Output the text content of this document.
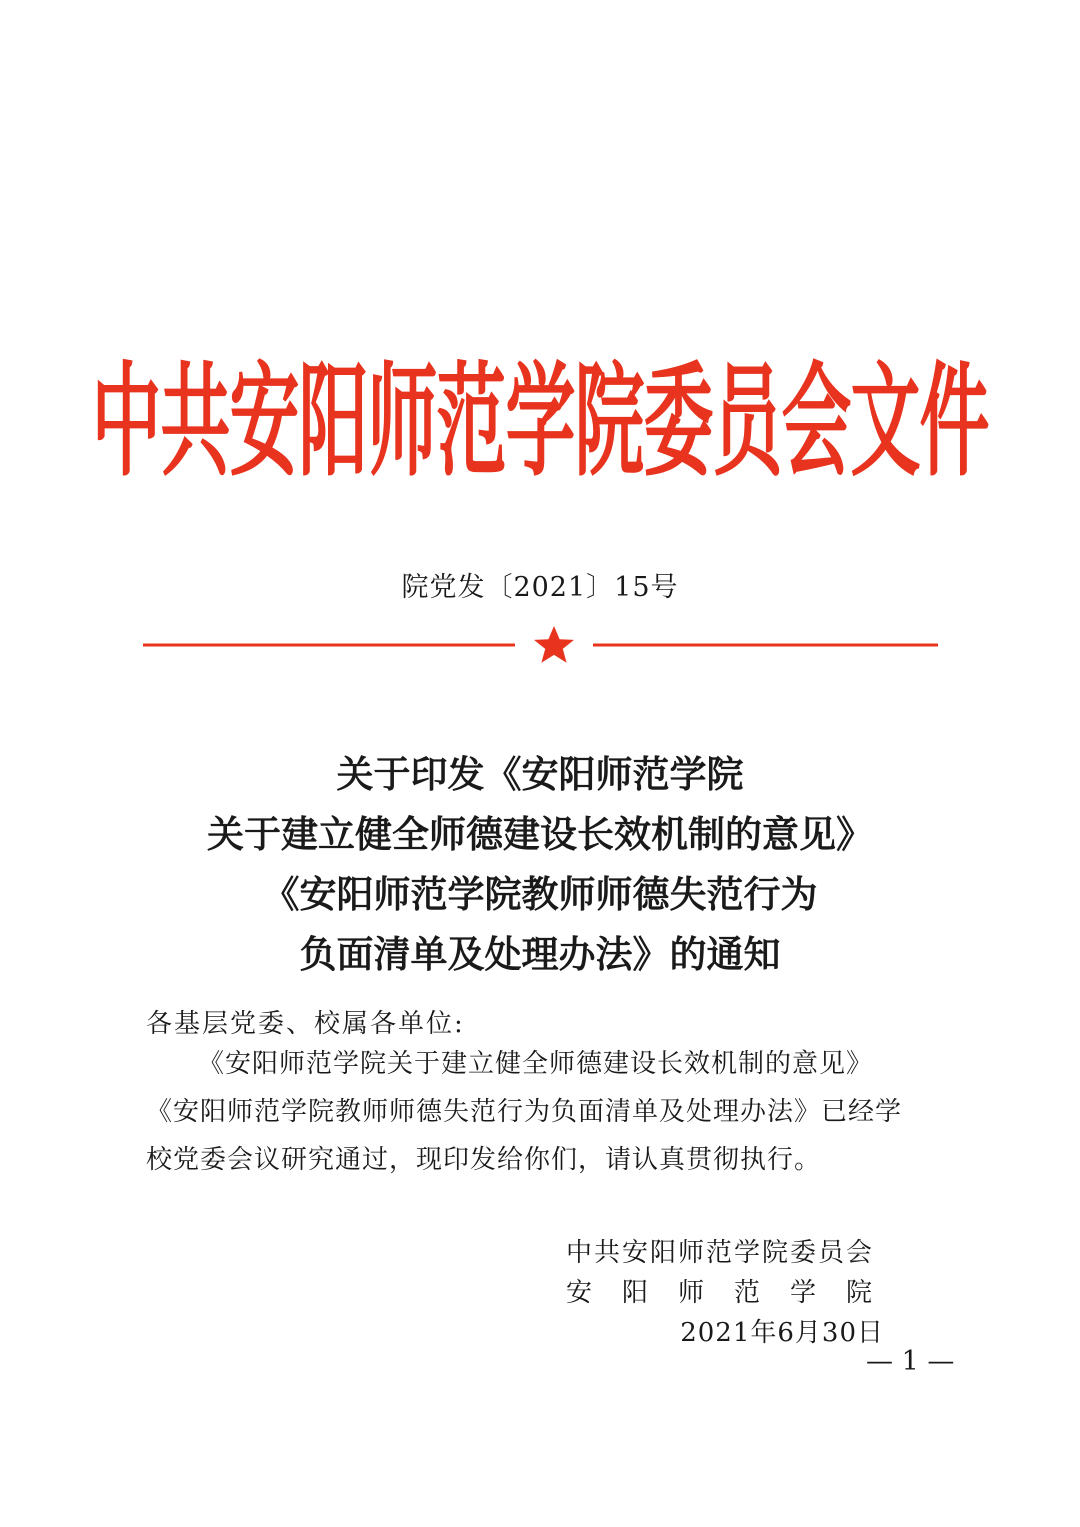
中共安阳师范学院委员会文件
院党发〔2021〕15号
关于印发《安阳师范学院
关于建立健全师德建设长效机制的意见》
《安阳师范学院教师师德失范行为
负面清单及处理办法》的通知
各基层党委、校属各单位:
《安阳师范学院关于建立健全师德建设长效机制的意见》
《安阳师范学院教师师德失范行为负面清单及处理办法》已经学
校党委会议研究通过，现印发给你们，请认真贯彻执行。
中共安阳师范学院委员会
安阳师范学院
2021年6月30日
— 1 —
